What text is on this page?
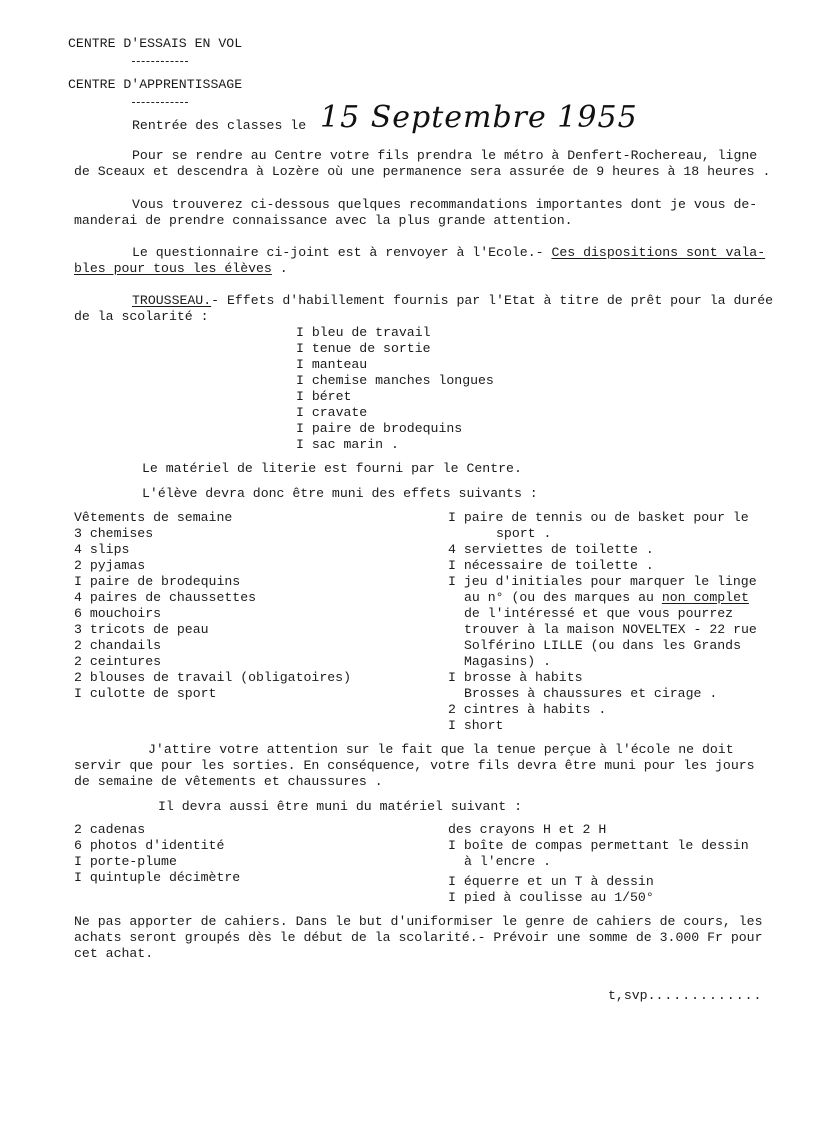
CENTRE D'ESSAIS EN VOL
CENTRE D'APPRENTISSAGE
Rentrée des classes le 15 Septembre 1955
Pour se rendre au Centre votre fils prendra le métro à Denfert-Rochereau, ligne
de Sceaux et descendra à Lozère où une permanence sera assurée de 9 heures à 18 heures .
Vous trouverez ci-dessous quelques recommandations importantes dont je vous de-
manderai de prendre connaissance avec la plus grande attention.
Le questionnaire ci-joint est à renvoyer à l'Ecole.- Ces dispositions sont vala-
bles pour tous les élèves .
TROUSSEAU.- Effets d'habillement fournis par l'Etat à titre de prêt pour la durée
de la scolarité :
I bleu de travail
I tenue de sortie
I manteau
I chemise manches longues
I béret
I cravate
I paire de brodequins
I sac marin .
Le matériel de literie est fourni par le Centre.
L'élève devra donc être muni des effets suivants :
Vêtements de semaine
3 chemises
4 slips
2 pyjamas
I paire de brodequins
4 paires de chaussettes
6 mouchoirs
3 tricots de peau
2 chandails
2 ceintures
2 blouses de travail (obligatoires)
I culotte de sport
I paire de tennis ou de basket pour le
sport .
4 serviettes de toilette .
I nécessaire de toilette .
I jeu d'initiales pour marquer le linge
au n° (ou des marques au non complet
de l'intéressé et que vous pourrez
trouver à la maison NOVELTEX - 22 rue
Solférino LILLE (ou dans les Grands
Magasins) .
I brosse à habits
Brosses à chaussures et cirage .
2 cintres à habits .
I short
J'attire votre attention sur le fait que la tenue perçue à l'école ne doit
servir que pour les sorties. En conséquence, votre fils devra être muni pour les jours
de semaine de vêtements et chaussures .
Il devra aussi être muni du matériel suivant :
2 cadenas
6 photos d'identité
I porte-plume
I quintuple décimètre
des crayons H et 2 H
I boîte de compas permettant le dessin
à l'encre .
I équerre et un T à dessin
I pied à coulisse au 1/50°
Ne pas apporter de cahiers. Dans le but d'uniformiser le genre de cahiers de cours, les
achats seront groupés dès le début de la scolarité.- Prévoir une somme de 3.000 Fr pour
cet achat.
t,svp.............
